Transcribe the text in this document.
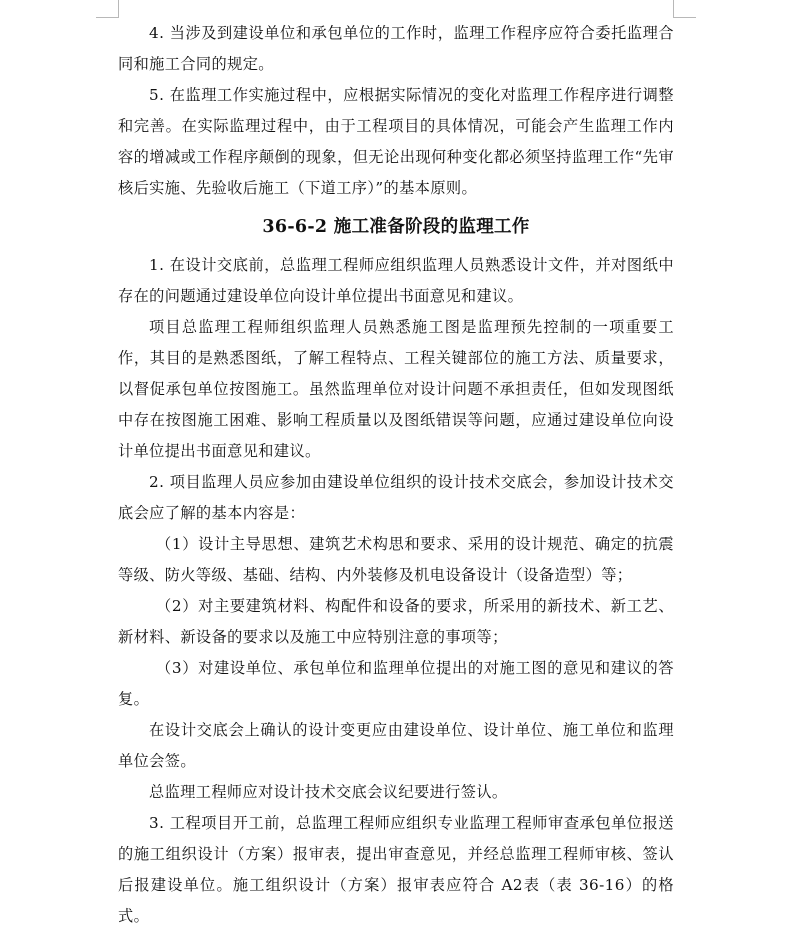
4. 当涉及到建设单位和承包单位的工作时，监理工作程序应符合委托监理合同和施工合同的规定。

5. 在监理工作实施过程中，应根据实际情况的变化对监理工作程序进行调整和完善。在实际监理过程中，由于工程项目的具体情况，可能会产生监理工作内容的增减或工作程序颠倒的现象，但无论出现何种变化都必须坚持监理工作“先审核后实施、先验收后施工（下道工序）”的基本原则。

36-6-2 施工准备阶段的监理工作

1. 在设计交底前，总监理工程师应组织监理人员熟悉设计文件，并对图纸中存在的问题通过建设单位向设计单位提出书面意见和建议。

项目总监理工程师组织监理人员熟悉施工图是监理预先控制的一项重要工作，其目的是熟悉图纸，了解工程特点、工程关键部位的施工方法、质量要求，以督促承包单位按图施工。虽然监理单位对设计问题不承担责任，但如发现图纸中存在按图施工困难、影响工程质量以及图纸错误等问题，应通过建设单位向设计单位提出书面意见和建议。

2. 项目监理人员应参加由建设单位组织的设计技术交底会，参加设计技术交底会应了解的基本内容是：

（1）设计主导思想、建筑艺术构思和要求、采用的设计规范、确定的抗震等级、防火等级、基础、结构、内外装修及机电设备设计（设备造型）等；

（2）对主要建筑材料、构配件和设备的要求，所采用的新技术、新工艺、新材料、新设备的要求以及施工中应特别注意的事项等；

（3）对建设单位、承包单位和监理单位提出的对施工图的意见和建议的答复。

在设计交底会上确认的设计变更应由建设单位、设计单位、施工单位和监理单位会签。

总监理工程师应对设计技术交底会议纪要进行签认。

3. 工程项目开工前，总监理工程师应组织专业监理工程师审查承包单位报送的施工组织设计（方案）报审表，提出审查意见，并经总监理工程师审核、签认后报建设单位。施工组织设计（方案）报审表应符合 A2表（表 36-16）的格式。
